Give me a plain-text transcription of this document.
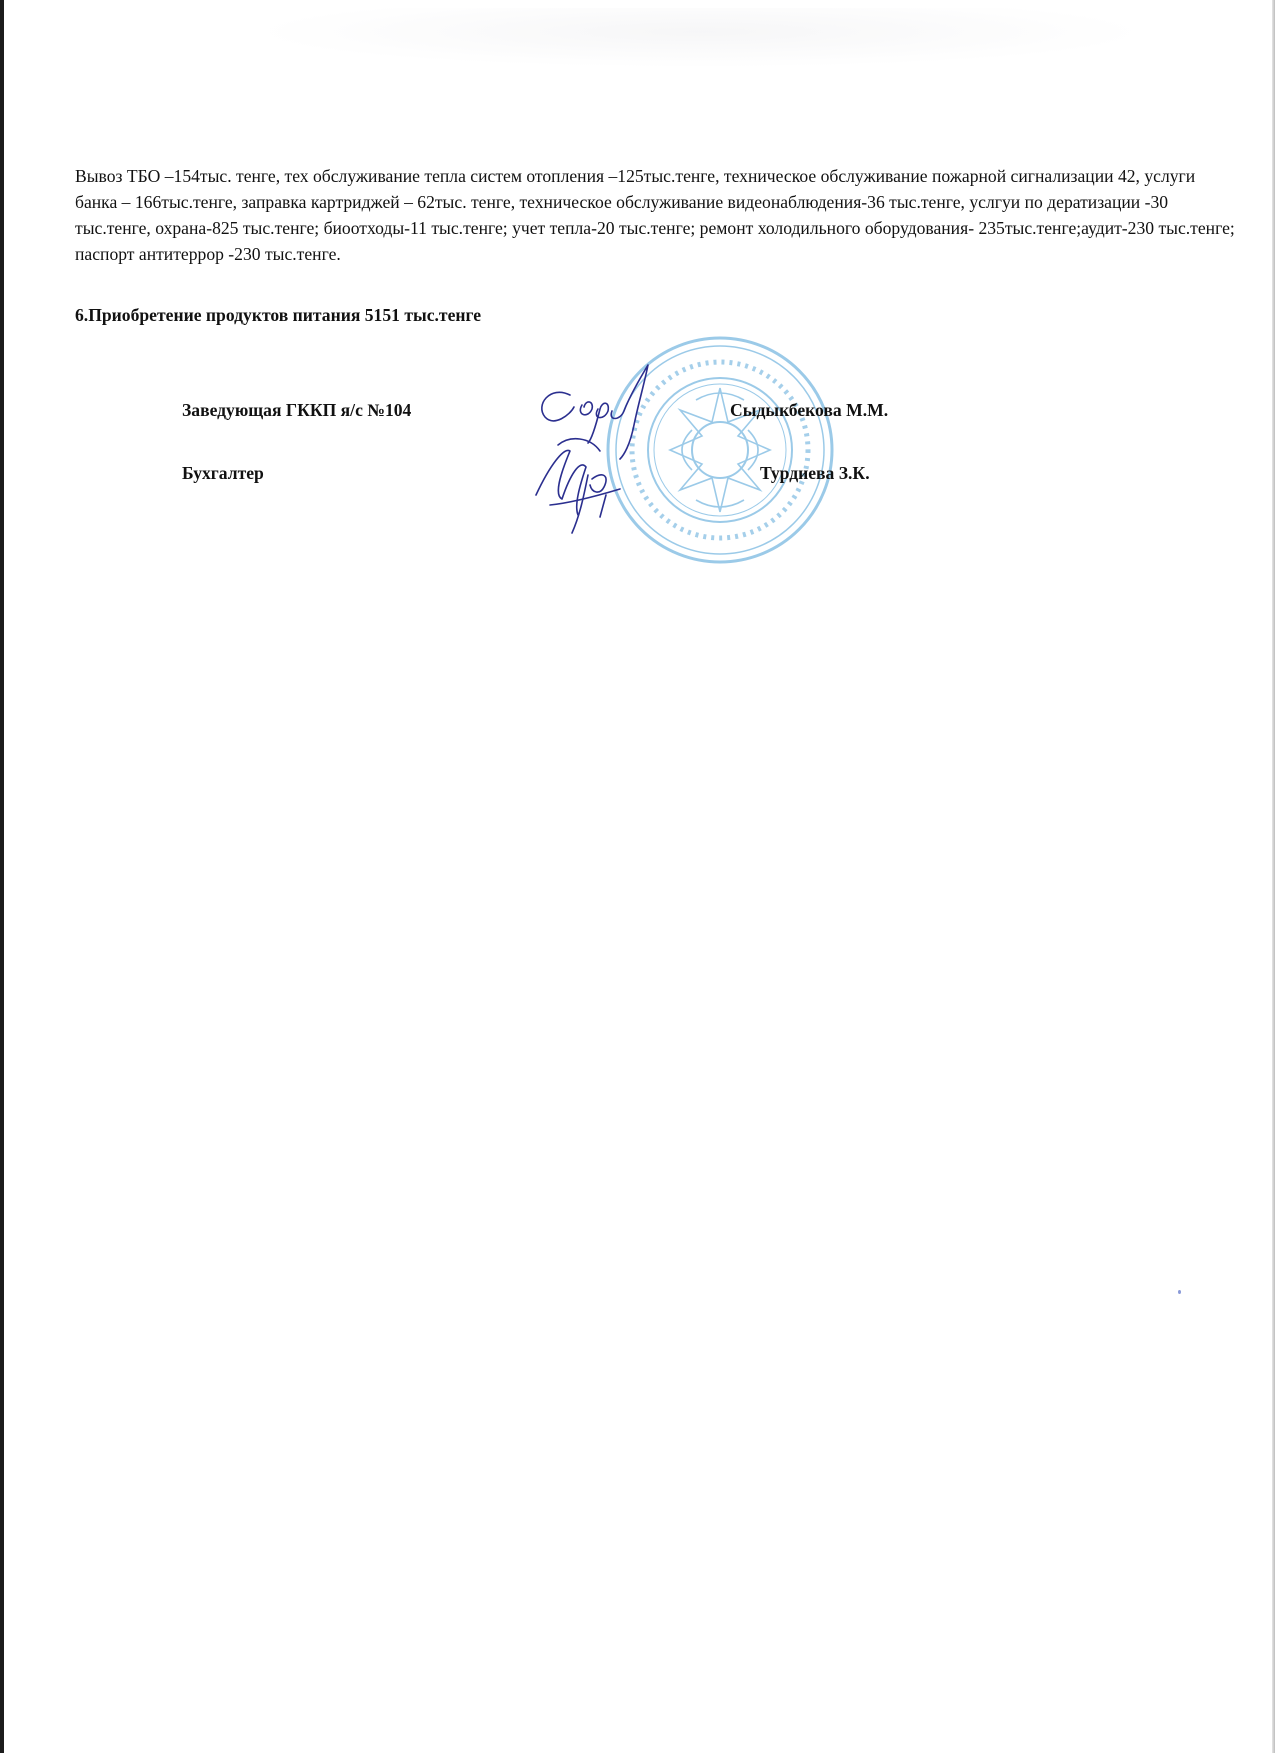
Вывоз ТБО –154тыс. тенге, тех обслуживание тепла систем отопления –125тыс.тенге, техническое обслуживание пожарной сигнализации 42, услуги банка – 166тыс.тенге, заправка картриджей – 62тыс. тенге, техническое обслуживание видеонаблюдения-36 тыс.тенге, услгуи по дератизации -30 тыс.тенге, охрана-825 тыс.тенге; биоотходы-11 тыс.тенге; учет тепла-20 тыс.тенге; ремонт холодильного оборудования- 235тыс.тенге;аудит-230 тыс.тенге; паспорт антитеррор -230 тыс.тенге.

6.Приобретение продуктов питания 5151 тыс.тенге

Заведующая ГККП я/с №104	Сыдыкбекова М.М.

Бухгалтер	Турдиева З.К.
